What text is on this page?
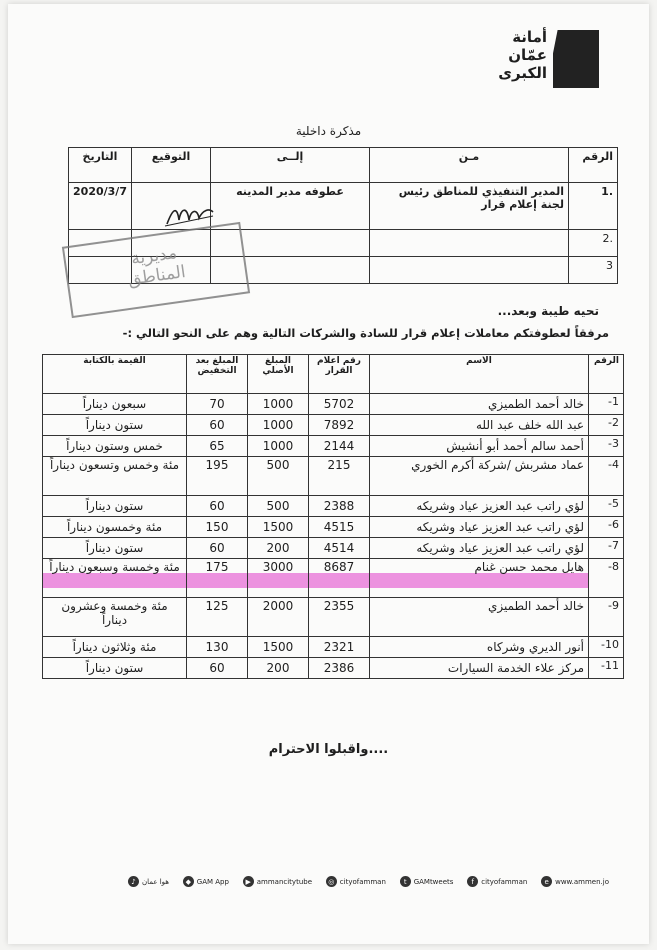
أمانة
عمّان
الكبرى
مذكرة داخلية
الرقم	مـن	إلــى	التوقيع	التاريخ
.1	المدير التنفيذي للمناطق رئيس لجنة إعلام قرار	عطوفه مدير المدينه		2020/3/7
.2				
3				
مديرية
المناطق
تحيه طيبة وبعد...
مرفقاً لعطوفتكم معاملات إعلام قرار للسادة والشركات التالية وهم على النحو التالي :-
الرقم	الاسم	رقم اعلام القرار	المبلغ الأصلي	المبلغ بعد التخفيض	القيمة بالكتابة
1-	خالد أحمد الطميزي	5702	1000	70	سبعون ديناراً
2-	عبد الله خلف عبد الله	7892	1000	60	ستون ديناراً
3-	أحمد سالم أحمد أبو أنشيش	2144	1000	65	خمس وستون ديناراً
4-	عماد مشربش /شركة أكرم الخوري	215	500	195	مئة وخمس وتسعون ديناراً
5-	لؤي راتب عبد العزيز عياد وشريكه	2388	500	60	ستون ديناراً
6-	لؤي راتب عبد العزيز عياد وشريكه	4515	1500	150	مئة وخمسون ديناراً
7-	لؤي راتب عبد العزيز عياد وشريكه	4514	200	60	ستون ديناراً
8-	هايل محمد حسن غنام	8687	3000	175	مئة وخمسة وسبعون ديناراً
9-	خالد أحمد الطميزي	2355	2000	125	مئة وخمسة وعشرون ديناراً
10-	أنور الديري وشركاه	2321	1500	130	مئة وثلاثون ديناراً
11-	مركز علاء الخدمة السيارات	2386	200	60	ستون ديناراً
واقبلوا الاحترام....
e www.ammen.jo
f	cityofamman
t	GAMtweets
◎ cityofamman
▶ ammancitytube
◆ GAM App
♪ هوا عمان
